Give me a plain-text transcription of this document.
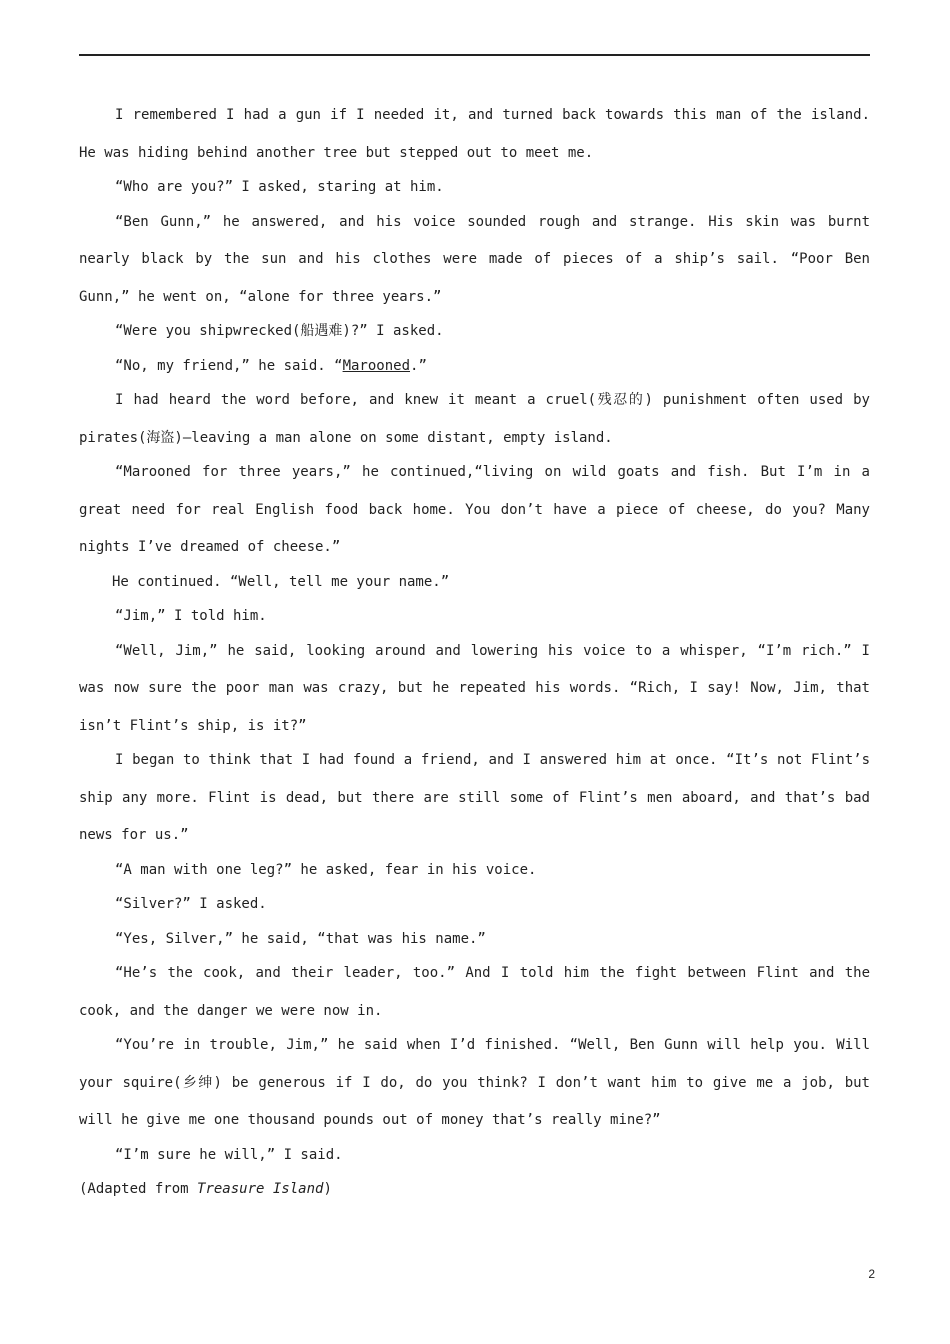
I remembered I had a gun if I needed it, and turned back towards this man of the island. He was hiding behind another tree but stepped out to meet me.

“Who are you?” I asked, staring at him.

“Ben Gunn,” he answered, and his voice sounded rough and strange. His skin was burnt nearly black by the sun and his clothes were made of pieces of a ship’s sail. “Poor Ben Gunn,” he went on, “alone for three years.”

“Were you shipwrecked(船遇难)?” I asked.

“No, my friend,” he said. “Marooned.”

I had heard the word before, and knew it meant a cruel(残忍的) punishment often used by pirates(海盗)—leaving a man alone on some distant, empty island.

“Marooned for three years,” he continued,“living on wild goats and fish. But I’m in a great need for real English food back home. You don’t have a piece of cheese, do you? Many nights I’ve dreamed of cheese.”

He continued. “Well, tell me your name.”

“Jim,” I told him.

“Well, Jim,” he said, looking around and lowering his voice to a whisper, “I’m rich.” I was now sure the poor man was crazy, but he repeated his words. “Rich, I say! Now, Jim, that isn’t Flint’s ship, is it?”

I began to think that I had found a friend, and I answered him at once. “It’s not Flint’s ship any more. Flint is dead, but there are still some of Flint’s men aboard, and that’s bad news for us.”

“A man with one leg?” he asked, fear in his voice.

“Silver?” I asked.

“Yes, Silver,” he said, “that was his name.”

“He’s the cook, and their leader, too.” And I told him the fight between Flint and the cook, and the danger we were now in.

“You’re in trouble, Jim,” he said when I’d finished. “Well, Ben Gunn will help you. Will your squire(乡绅) be generous if I do, do you think? I don’t want him to give me a job, but will he give me one thousand pounds out of money that’s really mine?”

“I’m sure he will,” I said.

(Adapted from Treasure Island)

2
